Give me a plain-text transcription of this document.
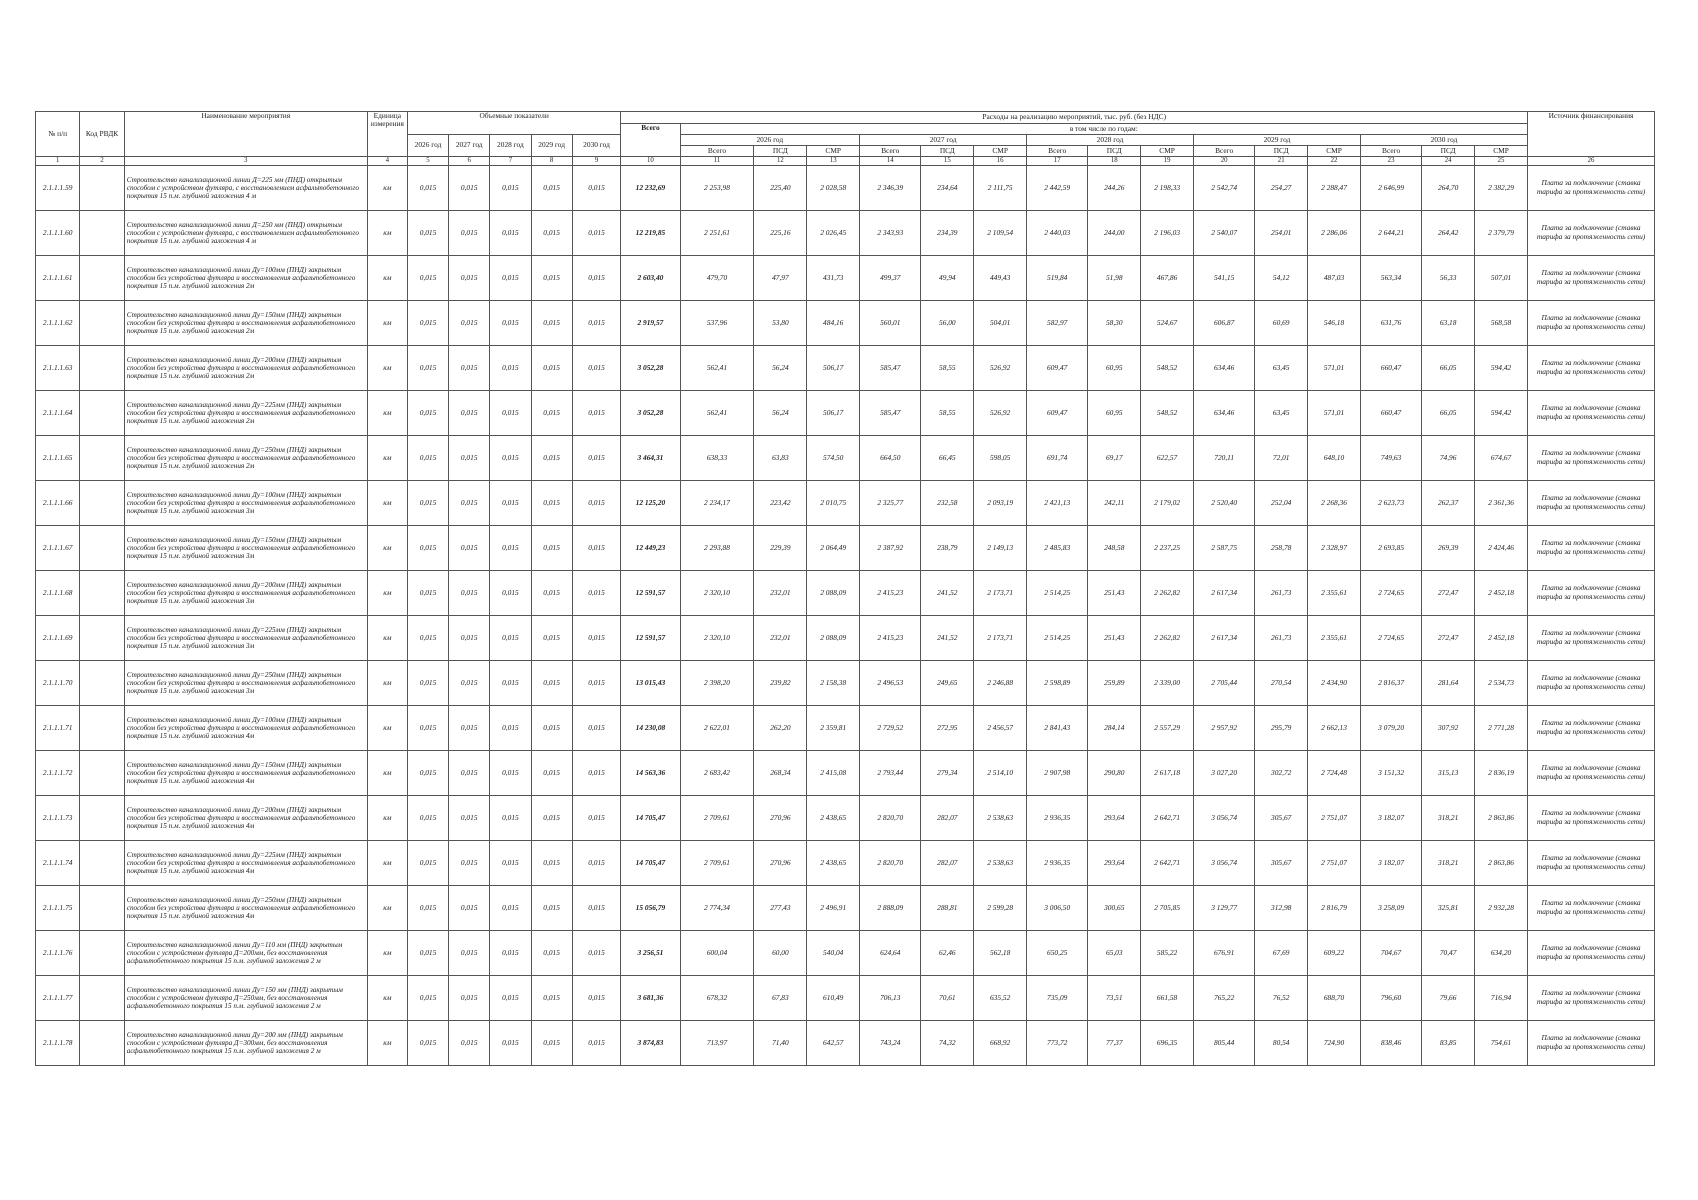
№ п/п	Код РВДК	Наименование мероприятия	Единица измерения	Объемные показатели					Расходы на реализацию мероприятий, тыс. руб. (без НДС)																Источник финансирования
									Всего	в том числе по годам:															
				2026 год	2027 год	2028 год	2029 год	2030 год		2026 год			2027 год			2028 год			2029 год			2030 год			
										Всего	ПСД	СМР	Всего	ПСД	СМР	Всего	ПСД	СМР	Всего	ПСД	СМР	Всего	ПСД	СМР	
1	2	3	4	5	6	7	8	9	10	11	12	13	14	15	16	17	18	19	20	21	22	23	24	25	26
2.1.1.1.59		Строительство канализационной линии Д=225 мм (ПНД) открытым способом с устройством футляра, с восстановлением асфальтобетонного покрытия 15 п.м. глубиной заложения 4 м	км	0,015	0,015	0,015	0,015	0,015	12 232,69	2 253,98	225,40	2 028,58	2 346,39	234,64	2 111,75	2 442,59	244,26	2 198,33	2 542,74	254,27	2 288,47	2 646,99	264,70	2 382,29	Плата за подключение (ставка тарифа за протяженность сети)
2.1.1.1.60		Строительство канализационной линии Д=250 мм (ПНД) открытым способом с устройством футляра, с восстановлением асфальтобетонного покрытия 15 п.м. глубиной заложения 4 м	км	0,015	0,015	0,015	0,015	0,015	12 219,85	2 251,61	225,16	2 026,45	2 343,93	234,39	2 109,54	2 440,03	244,00	2 196,03	2 540,07	254,01	2 286,06	2 644,21	264,42	2 379,79	Плата за подключение (ставка тарифа за протяженность сети)
2.1.1.1.61		Строительство канализационной линии Ду=100мм (ПНД) закрытым способом без устройства футляра и восстановления асфальтобетонного покрытия 15 п.м. глубиной заложения 2м	км	0,015	0,015	0,015	0,015	0,015	2 603,40	479,70	47,97	431,73	499,37	49,94	449,43	519,84	51,98	467,86	541,15	54,12	487,03	563,34	56,33	507,01	Плата за подключение (ставка тарифа за протяженность сети)
2.1.1.1.62		Строительство канализационной линии Ду=150мм (ПНД) закрытым способом без устройства футляра и восстановления асфальтобетонного покрытия 15 п.м. глубиной заложения 2м	км	0,015	0,015	0,015	0,015	0,015	2 919,57	537,96	53,80	484,16	560,01	56,00	504,01	582,97	58,30	524,67	606,87	60,69	546,18	631,76	63,18	568,58	Плата за подключение (ставка тарифа за протяженность сети)
2.1.1.1.63		Строительство канализационной линии Ду=200мм (ПНД) закрытым способом без устройства футляра и восстановления асфальтобетонного покрытия 15 п.м. глубиной заложения 2м	км	0,015	0,015	0,015	0,015	0,015	3 052,28	562,41	56,24	506,17	585,47	58,55	526,92	609,47	60,95	548,52	634,46	63,45	571,01	660,47	66,05	594,42	Плата за подключение (ставка тарифа за протяженность сети)
2.1.1.1.64		Строительство канализационной линии Ду=225мм (ПНД) закрытым способом без устройства футляра и восстановления асфальтобетонного покрытия 15 п.м. глубиной заложения 2м	км	0,015	0,015	0,015	0,015	0,015	3 052,28	562,41	56,24	506,17	585,47	58,55	526,92	609,47	60,95	548,52	634,46	63,45	571,01	660,47	66,05	594,42	Плата за подключение (ставка тарифа за протяженность сети)
2.1.1.1.65		Строительство канализационной линии Ду=250мм (ПНД) закрытым способом без устройства футляра и восстановления асфальтобетонного покрытия 15 п.м. глубиной заложения 2м	км	0,015	0,015	0,015	0,015	0,015	3 464,31	638,33	63,83	574,50	664,50	66,45	598,05	691,74	69,17	622,57	720,11	72,01	648,10	749,63	74,96	674,67	Плата за подключение (ставка тарифа за протяженность сети)
2.1.1.1.66		Строительство канализационной линии Ду=100мм (ПНД) закрытым способом без устройства футляра и восстановления асфальтобетонного покрытия 15 п.м. глубиной заложения 3м	км	0,015	0,015	0,015	0,015	0,015	12 125,20	2 234,17	223,42	2 010,75	2 325,77	232,58	2 093,19	2 421,13	242,11	2 179,02	2 520,40	252,04	2 268,36	2 623,73	262,37	2 361,36	Плата за подключение (ставка тарифа за протяженность сети)
2.1.1.1.67		Строительство канализационной линии Ду=150мм (ПНД) закрытым способом без устройства футляра и восстановления асфальтобетонного покрытия 15 п.м. глубиной заложения 3м	км	0,015	0,015	0,015	0,015	0,015	12 449,23	2 293,88	229,39	2 064,49	2 387,92	238,79	2 149,13	2 485,83	248,58	2 237,25	2 587,75	258,78	2 328,97	2 693,85	269,39	2 424,46	Плата за подключение (ставка тарифа за протяженность сети)
2.1.1.1.68		Строительство канализационной линии Ду=200мм (ПНД) закрытым способом без устройства футляра и восстановления асфальтобетонного покрытия 15 п.м. глубиной заложения 3м	км	0,015	0,015	0,015	0,015	0,015	12 591,57	2 320,10	232,01	2 088,09	2 415,23	241,52	2 173,71	2 514,25	251,43	2 262,82	2 617,34	261,73	2 355,61	2 724,65	272,47	2 452,18	Плата за подключение (ставка тарифа за протяженность сети)
2.1.1.1.69		Строительство канализационной линии Ду=225мм (ПНД) закрытым способом без устройства футляра и восстановления асфальтобетонного покрытия 15 п.м. глубиной заложения 3м	км	0,015	0,015	0,015	0,015	0,015	12 591,57	2 320,10	232,01	2 088,09	2 415,23	241,52	2 173,71	2 514,25	251,43	2 262,82	2 617,34	261,73	2 355,61	2 724,65	272,47	2 452,18	Плата за подключение (ставка тарифа за протяженность сети)
2.1.1.1.70		Строительство канализационной линии Ду=250мм (ПНД) закрытым способом без устройства футляра и восстановления асфальтобетонного покрытия 15 п.м. глубиной заложения 3м	км	0,015	0,015	0,015	0,015	0,015	13 015,43	2 398,20	239,82	2 158,38	2 496,53	249,65	2 246,88	2 598,89	259,89	2 339,00	2 705,44	270,54	2 434,90	2 816,37	281,64	2 534,73	Плата за подключение (ставка тарифа за протяженность сети)
2.1.1.1.71		Строительство канализационной линии Ду=100мм (ПНД) закрытым способом без устройства футляра и восстановления асфальтобетонного покрытия 15 п.м. глубиной заложения 4м	км	0,015	0,015	0,015	0,015	0,015	14 230,08	2 622,01	262,20	2 359,81	2 729,52	272,95	2 456,57	2 841,43	284,14	2 557,29	2 957,92	295,79	2 662,13	3 079,20	307,92	2 771,28	Плата за подключение (ставка тарифа за протяженность сети)
2.1.1.1.72		Строительство канализационной линии Ду=150мм (ПНД) закрытым способом без устройства футляра и восстановления асфальтобетонного покрытия 15 п.м. глубиной заложения 4м	км	0,015	0,015	0,015	0,015	0,015	14 563,36	2 683,42	268,34	2 415,08	2 793,44	279,34	2 514,10	2 907,98	290,80	2 617,18	3 027,20	302,72	2 724,48	3 151,32	315,13	2 836,19	Плата за подключение (ставка тарифа за протяженность сети)
2.1.1.1.73		Строительство канализационной линии Ду=200мм (ПНД) закрытым способом без устройства футляра и восстановления асфальтобетонного покрытия 15 п.м. глубиной заложения 4м	км	0,015	0,015	0,015	0,015	0,015	14 705,47	2 709,61	270,96	2 438,65	2 820,70	282,07	2 538,63	2 936,35	293,64	2 642,71	3 056,74	305,67	2 751,07	3 182,07	318,21	2 863,86	Плата за подключение (ставка тарифа за протяженность сети)
2.1.1.1.74		Строительство канализационной линии Ду=225мм (ПНД) закрытым способом без устройства футляра и восстановления асфальтобетонного покрытия 15 п.м. глубиной заложения 4м	км	0,015	0,015	0,015	0,015	0,015	14 705,47	2 709,61	270,96	2 438,65	2 820,70	282,07	2 538,63	2 936,35	293,64	2 642,71	3 056,74	305,67	2 751,07	3 182,07	318,21	2 863,86	Плата за подключение (ставка тарифа за протяженность сети)
2.1.1.1.75		Строительство канализационной линии Ду=250мм (ПНД) закрытым способом без устройства футляра и восстановления асфальтобетонного покрытия 15 п.м. глубиной заложения 4м	км	0,015	0,015	0,015	0,015	0,015	15 056,79	2 774,34	277,43	2 496,91	2 888,09	288,81	2 599,28	3 006,50	300,65	2 705,85	3 129,77	312,98	2 816,79	3 258,09	325,81	2 932,28	Плата за подключение (ставка тарифа за протяженность сети)
2.1.1.1.76		Строительство канализационной линии Ду=110 мм (ПНД) закрытым способом с устройством футляра Д=200мм, без восстановления асфальтобетонного покрытия 15 п.м. глубиной заложения 2 м	км	0,015	0,015	0,015	0,015	0,015	3 256,51	600,04	60,00	540,04	624,64	62,46	562,18	650,25	65,03	585,22	676,91	67,69	609,22	704,67	70,47	634,20	Плата за подключение (ставка тарифа за протяженность сети)
2.1.1.1.77		Строительство канализационной линии Ду=150 мм (ПНД) закрытым способом с устройством футляра Д=250мм, без восстановления асфальтобетонного покрытия 15 п.м. глубиной заложения 2 м	км	0,015	0,015	0,015	0,015	0,015	3 681,36	678,32	67,83	610,49	706,13	70,61	635,52	735,09	73,51	661,58	765,22	76,52	688,70	796,60	79,66	716,94	Плата за подключение (ставка тарифа за протяженность сети)
2.1.1.1.78		Строительство канализационной линии Ду=200 мм (ПНД) закрытым способом с устройством футляра Д=300мм, без восстановления асфальтобетонного покрытия 15 п.м. глубиной заложения 2 м	км	0,015	0,015	0,015	0,015	0,015	3 874,83	713,97	71,40	642,57	743,24	74,32	668,92	773,72	77,37	696,35	805,44	80,54	724,90	838,46	83,85	754,61	Плата за подключение (ставка тарифа за протяженность сети)
